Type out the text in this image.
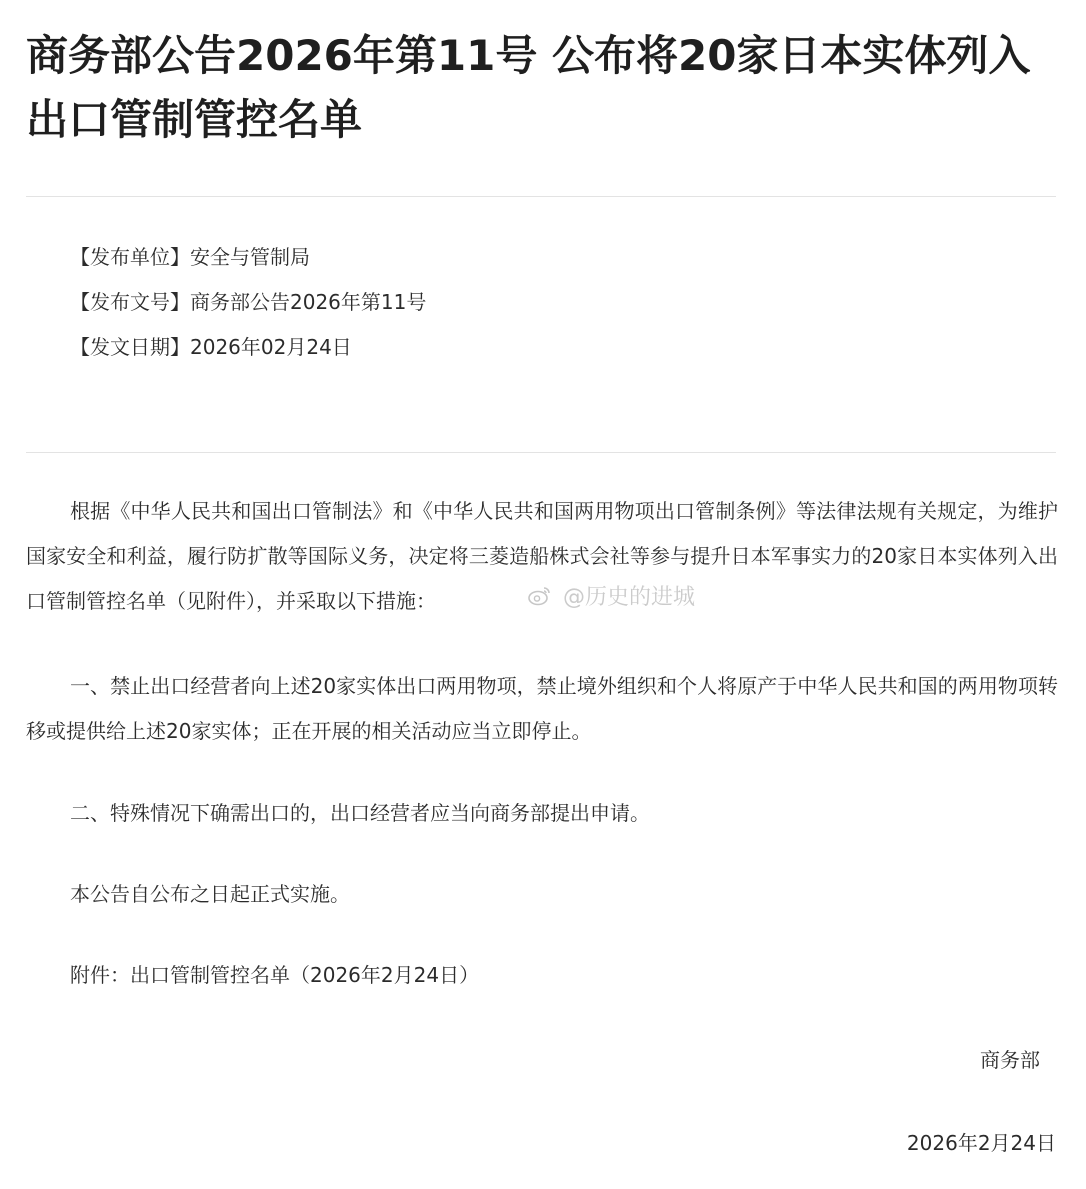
商务部公告2026年第11号 公布将20家日本实体列入出口管制管控名单
【发布单位】安全与管制局
【发布文号】商务部公告2026年第11号
【发文日期】2026年02月24日

根据《中华人民共和国出口管制法》和《中华人民共和国两用物项出口管制条例》等法律法规有关规定，为维护国家安全和利益，履行防扩散等国际义务，决定将三菱造船株式会社等参与提升日本军事实力的20家日本实体列入出口管制管控名单（见附件），并采取以下措施：

一、禁止出口经营者向上述20家实体出口两用物项，禁止境外组织和个人将原产于中华人民共和国的两用物项转移或提供给上述20家实体；正在开展的相关活动应当立即停止。

二、特殊情况下确需出口的，出口经营者应当向商务部提出申请。

本公告自公布之日起正式实施。

附件：出口管制管控名单（2026年2月24日）

商务部
2026年2月24日
@历史的进城
